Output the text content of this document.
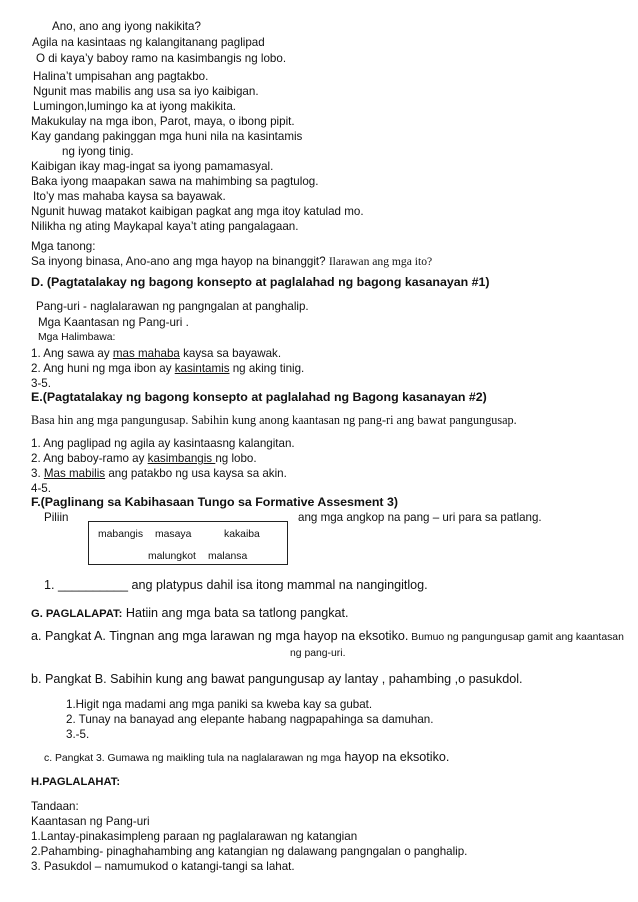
Ano, ano ang iyong nakikita?
Agila na kasintaas ng kalangitanang paglipad
O di kaya’y baboy ramo na kasimbangis ng lobo.
Halina’t umpisahan ang pagtakbo.
Ngunit mas mabilis ang usa sa iyo kaibigan.
Lumingon,lumingo ka at iyong makikita.
Makukulay na mga ibon, Parot, maya, o ibong pipit.
Kay gandang pakinggan mga huni nila na kasintamis
ng iyong tinig.
Kaibigan ikay mag-ingat sa iyong pamamasyal.
Baka iyong maapakan sawa na mahimbing sa pagtulog.
Ito’y mas mahaba kaysa sa bayawak.
Ngunit huwag matakot kaibigan pagkat ang mga itoy katulad mo.
Nilikha ng ating Maykapal kaya’t ating pangalagaan.
Mga tanong:
Sa inyong binasa, Ano-ano ang mga hayop na binanggit? Ilarawan ang mga ito?
D. (Pagtatalakay ng bagong konsepto at paglalahad ng bagong kasanayan #1)
Pang-uri - naglalarawan ng pangngalan at panghalip.
Mga Kaantasan ng Pang-uri .
Mga Halimbawa:
1. Ang sawa ay mas mahaba kaysa sa bayawak.
2. Ang huni ng mga ibon ay kasintamis ng aking tinig.
3-5.
E.(Pagtatalakay ng bagong konsepto at paglalahad ng Bagong kasanayan #2)
Basa hin ang mga pangungusap. Sabihin kung anong kaantasan ng pang-ri ang bawat pangungusap.
1. Ang paglipad ng agila ay kasintaasng kalangitan.
2. Ang baboy-ramo ay kasimbangis ng lobo.
3. Mas mabilis ang patakbo ng usa kaysa sa akin.
4-5.
F.(Paglinang sa Kabihasaan Tungo sa Formative Assesment 3)
Piliin	ang mga angkop na pang – uri para sa patlang.
mabangis masaya	kakaiba
malungkot malansa
1. __________ ang platypus dahil isa itong mammal na nangingitlog.
G. PAGLALAPAT: Hatiin ang mga bata sa tatlong pangkat.
a. Pangkat A. Tingnan ang mga larawan ng mga hayop na eksotiko. Bumuo ng pangungusap gamit ang kaantasan
ng pang-uri.
b. Pangkat B. Sabihin kung ang bawat pangungusap ay lantay , pahambing ,o pasukdol.
1.Higit nga madami ang mga paniki sa kweba kay sa gubat.
2. Tunay na banayad ang elepante habang nagpapahinga sa damuhan.
3.-5.
c. Pangkat 3. Gumawa ng maikling tula na naglalarawan ng mga hayop na eksotiko.
H.PAGLALAHAT:
Tandaan:
Kaantasan ng Pang-uri
1.Lantay-pinakasimpleng paraan ng paglalarawan ng katangian
2.Pahambing- pinaghahambing ang katangian ng dalawang pangngalan o panghalip.
3. Pasukdol – namumukod o katangi-tangi sa lahat.
